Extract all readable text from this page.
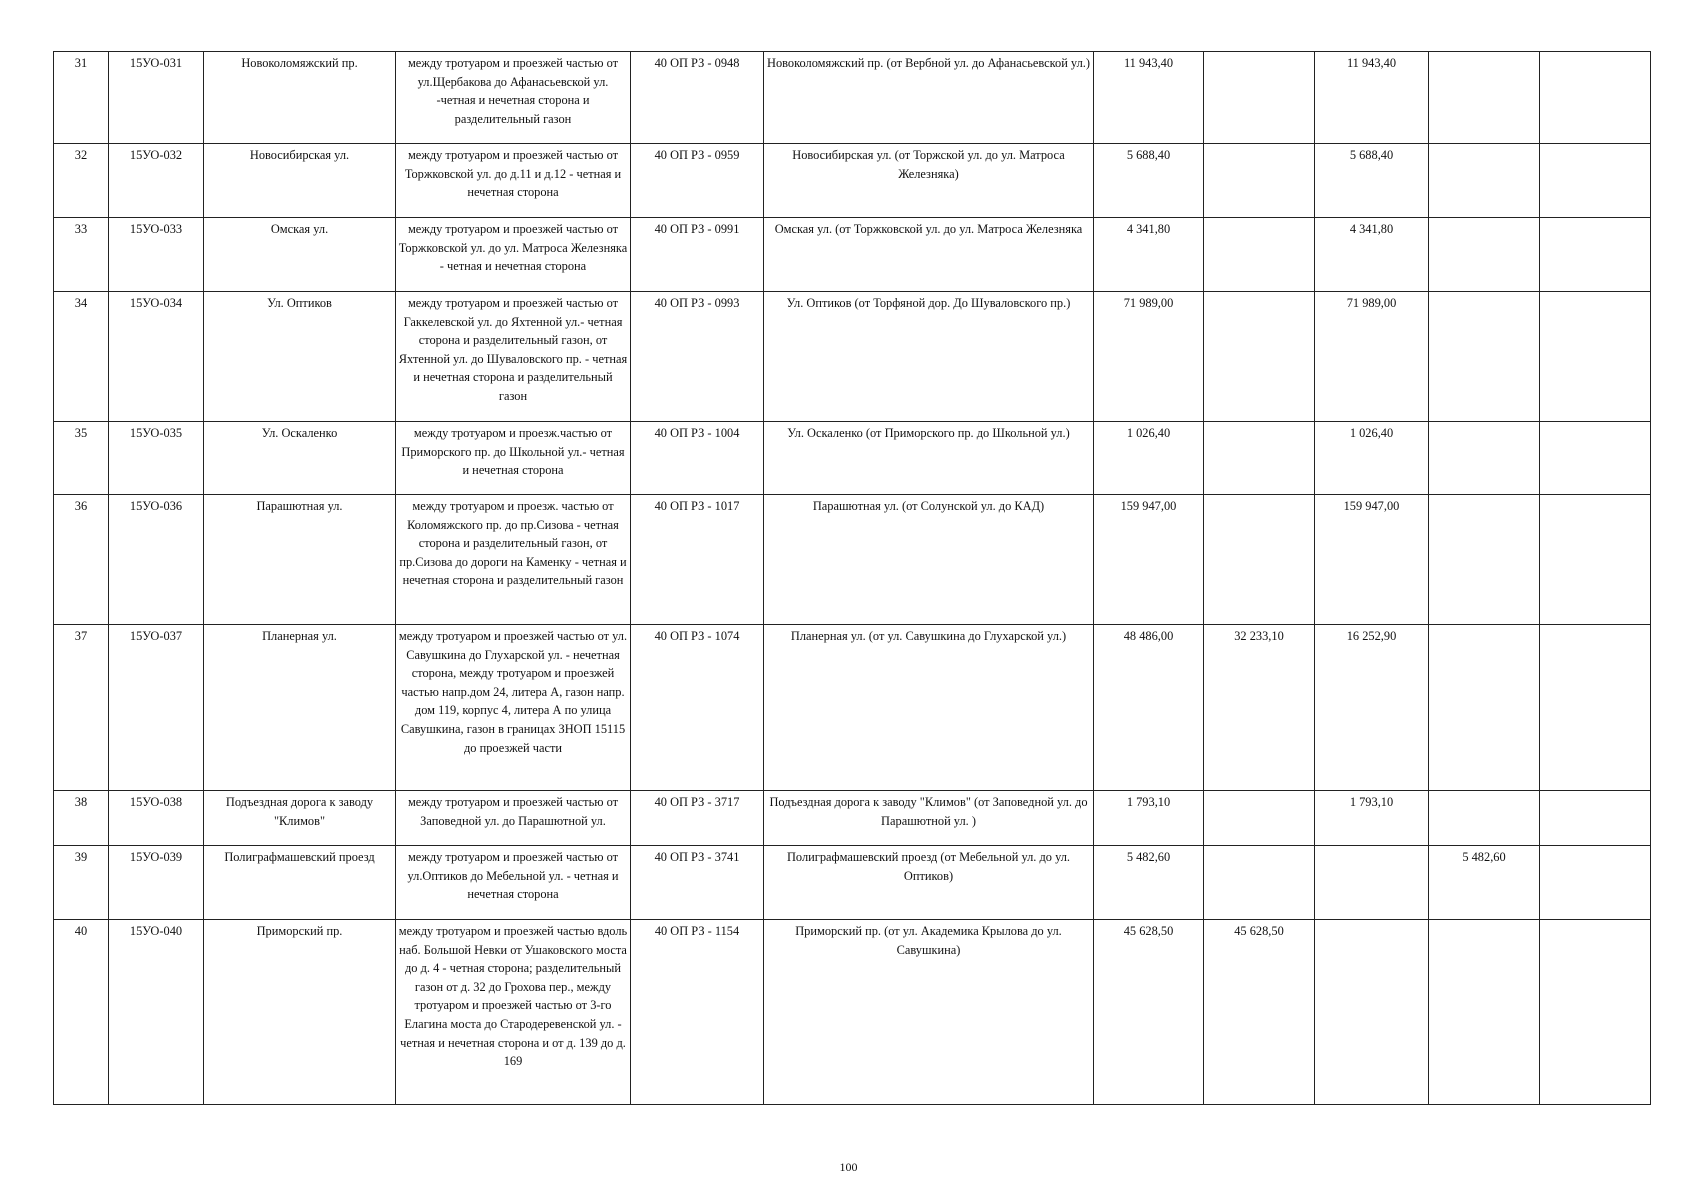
31	15УО-031	Новоколомяжский пр.	между тротуаром и проезжей частью от ул.Щербакова до Афанасьевской ул. -четная и нечетная сторона и разделительный газон	40 ОП РЗ - 0948	Новоколомяжский пр. (от Вербной ул. до Афанасьевской ул.)	11 943,40		11 943,40		
32	15УО-032	Новосибирская ул.	между тротуаром и проезжей частью от Торжковской ул. до д.11 и д.12 - четная и нечетная сторона	40 ОП РЗ - 0959	Новосибирская ул. (от Торжской ул. до ул. Матроса Железняка)	5 688,40		5 688,40		
33	15УО-033	Омская ул.	между тротуаром и проезжей частью от Торжковской ул. до ул. Матроса Железняка - четная и нечетная сторона	40 ОП РЗ - 0991	Омская ул. (от Торжковской ул. до ул. Матроса Железняка	4 341,80		4 341,80		
34	15УО-034	Ул. Оптиков	между тротуаром и проезжей частью от Гаккелевской ул. до Яхтенной ул.- четная сторона и разделительный газон, от Яхтенной ул. до Шуваловского пр. - четная и нечетная сторона и разделительный газон	40 ОП РЗ - 0993	Ул. Оптиков (от Торфяной дор. До Шуваловского пр.)	71 989,00		71 989,00		
35	15УО-035	Ул. Оскаленко	между тротуаром и проезж.частью от Приморского пр. до Школьной ул.- четная и нечетная сторона	40 ОП РЗ - 1004	Ул. Оскаленко (от Приморского пр. до Школьной ул.)	1 026,40		1 026,40		
36	15УО-036	Парашютная ул.	между тротуаром и проезж. частью от Коломяжского пр. до пр.Сизова - четная сторона и разделительный газон, от пр.Сизова до дороги на Каменку - четная и нечетная сторона и разделительный газон	40 ОП РЗ - 1017	Парашютная ул. (от Солунской ул. до КАД)	159 947,00		159 947,00		
37	15УО-037	Планерная ул.	между тротуаром и проезжей частью от ул. Савушкина до Глухарской ул. - нечетная сторона, между тротуаром и проезжей частью напр.дом 24, литера А, газон напр. дом 119, корпус 4, литера А по улица Савушкина, газон в границах ЗНОП 15115 до проезжей части	40 ОП РЗ - 1074	Планерная ул. (от ул. Савушкина до Глухарской ул.)	48 486,00	32 233,10	16 252,90		
38	15УО-038	Подъездная дорога к заводу "Климов"	между тротуаром и проезжей частью от Заповедной ул. до Парашютной ул.	40 ОП РЗ - 3717	Подъездная дорога к заводу "Климов" (от Заповедной ул. до Парашютной ул. )	1 793,10		1 793,10		
39	15УО-039	Полиграфмашевский проезд	между тротуаром и проезжей частью от ул.Оптиков до Мебельной ул. - четная и нечетная сторона	40 ОП РЗ - 3741	Полиграфмашевский проезд (от Мебельной ул. до ул. Оптиков)	5 482,60			5 482,60	
40	15УО-040	Приморский пр.	между тротуаром и проезжей частью вдоль наб. Большой Невки от Ушаковского моста до д. 4 - четная сторона; разделительный газон от д. 32 до Грохова пер., между тротуаром и проезжей частью от 3-го Елагина моста до Стародеревенской ул. - четная и нечетная сторона и от д. 139 до д. 169	40 ОП РЗ - 1154	Приморский пр. (от ул. Академика Крылова до ул. Савушкина)	45 628,50	45 628,50			
100
